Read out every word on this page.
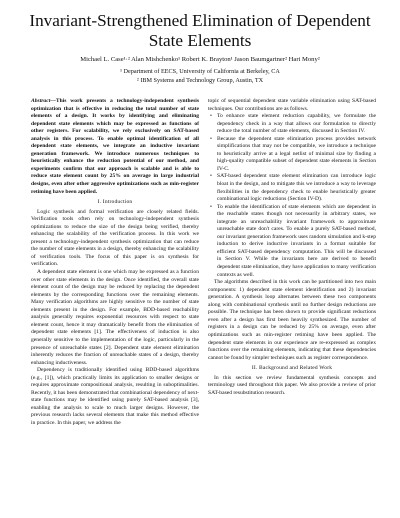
Invariant-Strengthened Elimination of Dependent
State Elements
Michael L. Case¹·² Alan Mishchenko¹ Robert K. Brayton¹ Jason Baumgartner² Hari Mony²
¹ Department of EECS, University of California at Berkeley, CA
² IBM Systems and Technology Group, Austin, TX

Abstract—This work presents a technology-independent synthesis optimization that is effective in reducing the total number of state elements of a design. It works by identifying and eliminating dependent state elements which may be expressed as functions of other registers. For scalability, we rely exclusively on SAT-based analysis in this process. To enable optimal identification of all dependent state elements, we integrate an inductive invariant generation framework. We introduce numerous techniques to heuristically enhance the reduction potential of our method, and experiments confirm that our approach is scalable and is able to reduce state element count by 25% on average in large industrial designs, even after other aggressive optimizations such as min-register retiming have been applied.

I. Introduction

Logic synthesis and formal verification are closely related fields. Verification tools often rely on technology-independent synthesis optimizations to reduce the size of the design being verified, thereby enhancing the scalability of the verification process. In this work we present a technology-independent synthesis optimization that can reduce the number of state elements in a design, thereby enhancing the scalability of verification tools. The focus of this paper is on synthesis for verification.

A dependent state element is one which may be expressed as a function over other state elements in the design. Once identified, the overall state element count of the design may be reduced by replacing the dependent elements by the corresponding functions over the remaining elements. Many verification algorithms are highly sensitive to the number of state elements present in the design. For example, BDD-based reachability analysis generally requires exponential resources with respect to state element count, hence it may dramatically benefit from the elimination of dependent state elements [1]. The effectiveness of induction is also generally sensitive to the implementation of the logic, particularly in the presence of unreachable states [2]. Dependent state element elimination inherently reduces the fraction of unreachable states of a design, thereby enhancing inductiveness.

Dependency is traditionally identified using BDD-based algorithms (e.g., [1]), which practically limits its application to smaller designs or requires approximate compositional analysis, resulting in suboptimalities. Recently, it has been demonstrated that combinational dependency of next-state functions may be identified using purely SAT-based analysis [3], enabling the analysis to scale to much larger designs. However, the previous research lacks several elements that make this method effective in practice. In this paper, we address the

topic of sequential dependent state variable elimination using SAT-based techniques. Our contributions are as follows.

• To enhance state element reduction capability, we formulate the dependency check in a way that allows our formulation to directly reduce the total number of state elements, discussed in Section IV.
• Because the dependent state elimination process provides network simplifications that may not be compatible, we introduce a technique to heuristically arrive at a legal netlist of minimal size by finding a high-quality compatible subset of dependent state elements in Section IV-C.
• SAT-based dependent state element elimination can introduce logic bloat in the design, and to mitigate this we introduce a way to leverage flexibilities in the dependency check to enable heuristically greater combinational logic reductions (Section IV-D).
• To enable the identification of state elements which are dependent in the reachable states though not necessarily in arbitrary states, we integrate an unreachability invariant framework to approximate unreachable state don't cares. To enable a purely SAT-based method, our invariant generation framework uses random simulation and k-step induction to derive inductive invariants in a format suitable for efficient SAT-based dependency computation. This will be discussed in Section V. While the invariants here are derived to benefit dependent state elimination, they have application to many verification contexts as well.

The algorithms described in this work can be partitioned into two main components: 1) dependent state element identification and 2) invariant generation. A synthesis loop alternates between these two components along with combinational synthesis until no further design reductions are possible. The technique has been shown to provide significant reductions even after a design has first been heavily synthesized. The number of registers in a design can be reduced by 25% on average, even after optimizations such as min-register retiming have been applied. The dependent state elements in our experience are re-expressed as complex functions over the remaining elements, indicating that these dependencies cannot be found by simpler techniques such as register correspondence.

II. Background and Related Work

In this section we review fundamental synthesis concepts and terminology used throughout this paper. We also provide a review of prior SAT-based resubstitution research.
